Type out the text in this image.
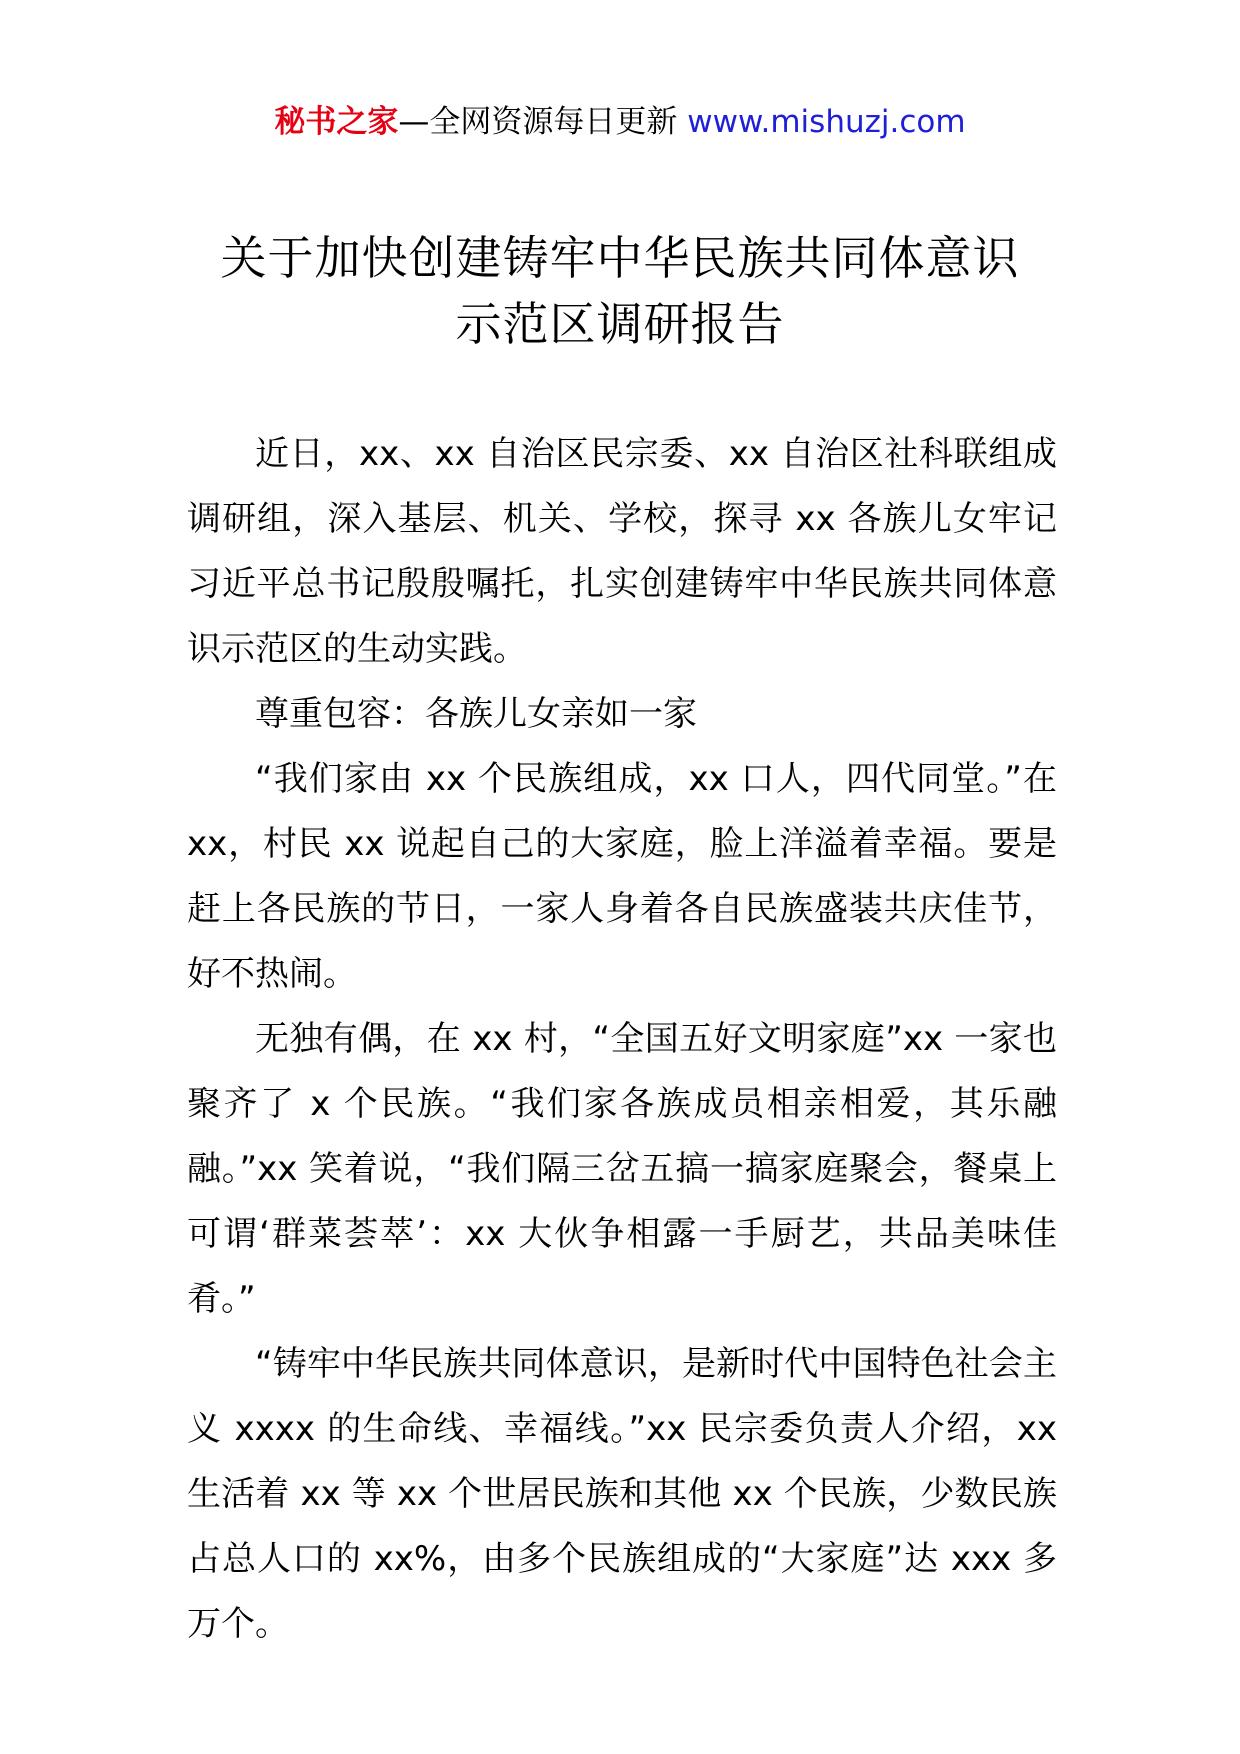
秘书之家—全网资源每日更新 www.mishuzj.com
关于加快创建铸牢中华民族共同体意识
示范区调研报告

近日，xx、xx 自治区民宗委、xx 自治区社科联组成调研组，深入基层、机关、学校，探寻 xx 各族儿女牢记习近平总书记殷殷嘱托，扎实创建铸牢中华民族共同体意识示范区的生动实践。

尊重包容：各族儿女亲如一家

“我们家由 xx 个民族组成，xx 口人，四代同堂。”在 xx，村民 xx 说起自己的大家庭，脸上洋溢着幸福。要是赶上各民族的节日，一家人身着各自民族盛装共庆佳节，好不热闹。

无独有偶，在 xx 村，“全国五好文明家庭”xx 一家也聚齐了 x 个民族。“我们家各族成员相亲相爱，其乐融融。”xx 笑着说，“我们隔三岔五搞一搞家庭聚会，餐桌上可谓‘群菜荟萃’：xx 大伙争相露一手厨艺，共品美味佳肴。”

“铸牢中华民族共同体意识，是新时代中国特色社会主义 xxxx 的生命线、幸福线。”xx 民宗委负责人介绍，xx 生活着 xx 等 xx 个世居民族和其他 xx 个民族，少数民族占总人口的 xx%，由多个民族组成的“大家庭”达 xxx 多万个。
